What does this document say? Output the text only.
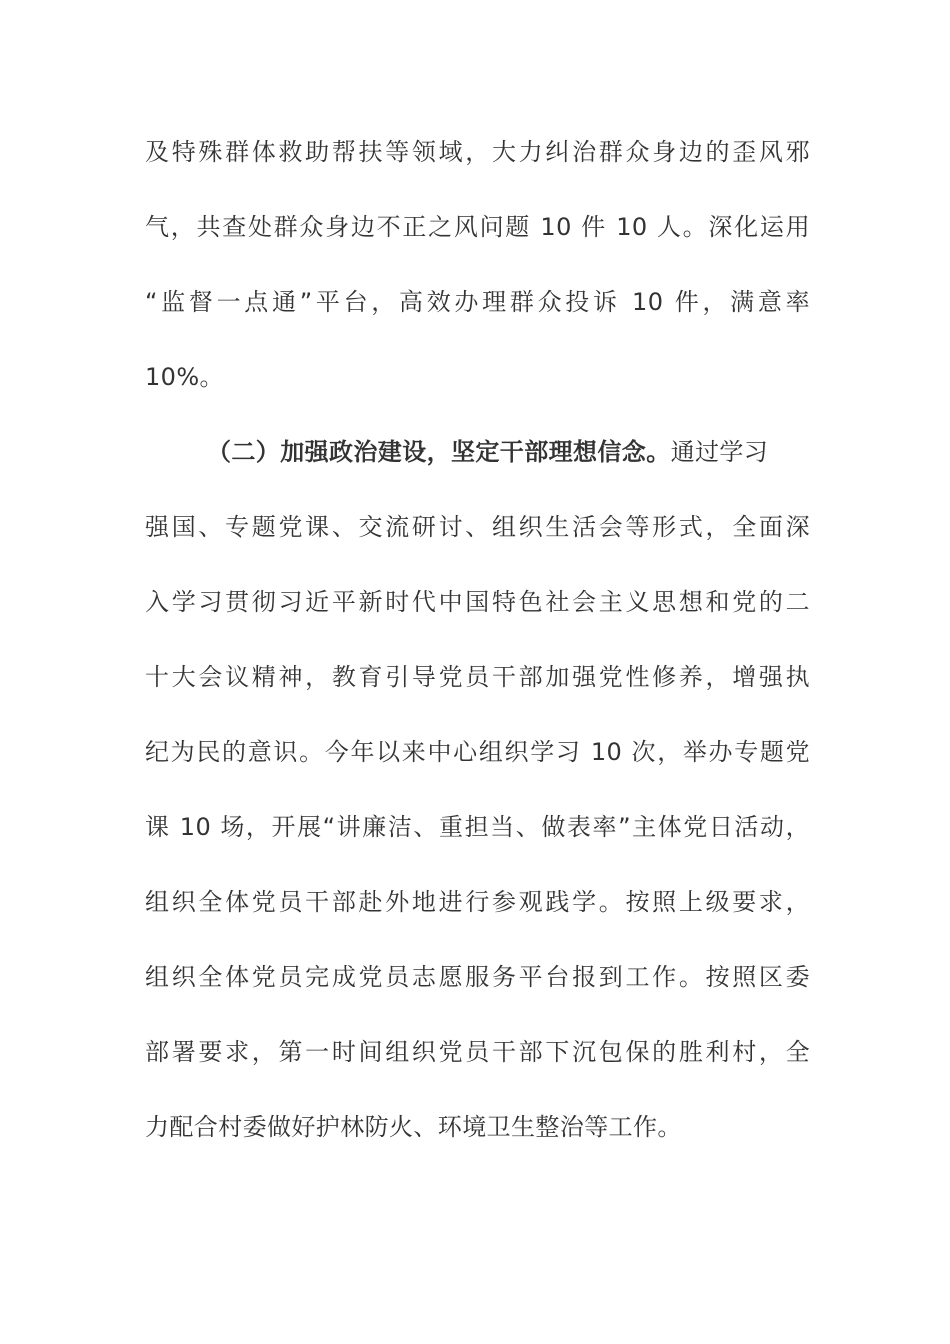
及特殊群体救助帮扶等领域，大力纠治群众身边的歪风邪
气，共查处群众身边不正之风问题 10 件 10 人。深化运用
“监督一点通”平台，高效办理群众投诉 10 件，满意率
10%。
（二）加强政治建设，坚定干部理想信念。通过学习
强国、专题党课、交流研讨、组织生活会等形式，全面深
入学习贯彻习近平新时代中国特色社会主义思想和党的二
十大会议精神，教育引导党员干部加强党性修养，增强执
纪为民的意识。今年以来中心组织学习 10 次，举办专题党
课 10 场，开展“讲廉洁、重担当、做表率”主体党日活动，
组织全体党员干部赴外地进行参观践学。按照上级要求，
组织全体党员完成党员志愿服务平台报到工作。按照区委
部署要求，第一时间组织党员干部下沉包保的胜利村，全
力配合村委做好护林防火、环境卫生整治等工作。
